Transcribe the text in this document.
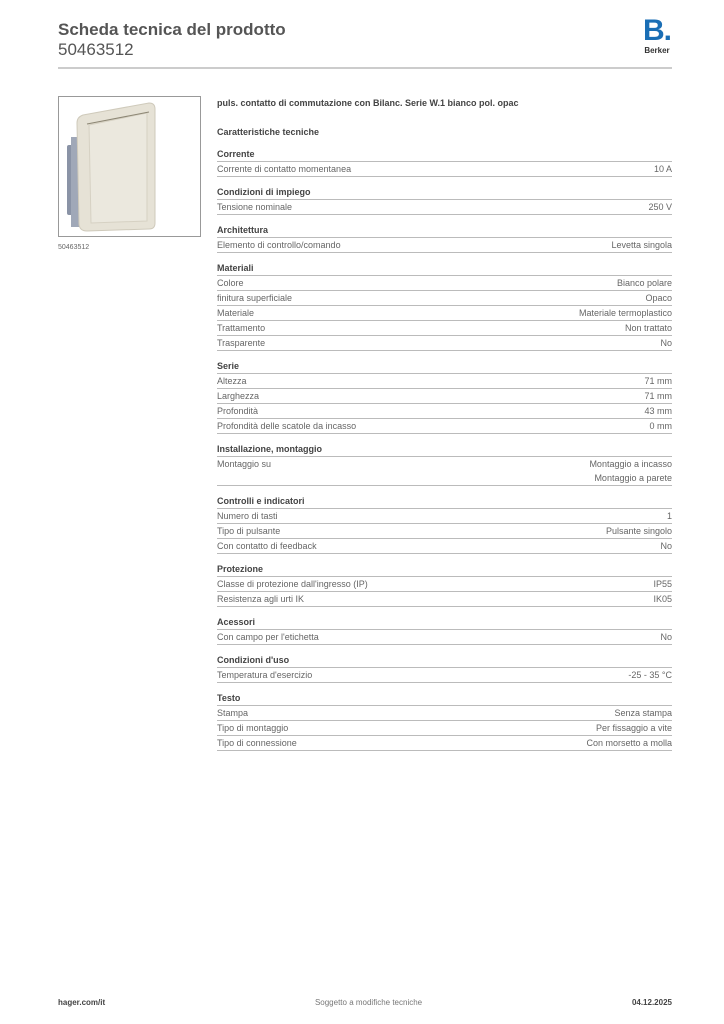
Scheda tecnica del prodotto
50463512
B.
Berker
50463512
puls. contatto di commutazione con Bilanc. Serie W.1 bianco pol. opac
Caratteristiche tecniche
Corrente
Corrente di contatto momentanea	10 A
Condizioni di impiego
Tensione nominale	250 V
Architettura
Elemento di controllo/comando	Levetta singola
Materiali
Colore	Bianco polare
finitura superficiale	Opaco
Materiale	Materiale termoplastico
Trattamento	Non trattato
Trasparente	No
Serie
Altezza	71 mm
Larghezza	71 mm
Profondità	43 mm
Profondità delle scatole da incasso	0 mm
Installazione, montaggio
Montaggio su	Montaggio a incasso
Montaggio a parete
Controlli e indicatori
Numero di tasti	1
Tipo di pulsante	Pulsante singolo
Con contatto di feedback	No
Protezione
Classe di protezione dall'ingresso (IP)	IP55
Resistenza agli urti IK	IK05
Acessori
Con campo per l'etichetta	No
Condizioni d'uso
Temperatura d'esercizio	-25 - 35 °C
Testo
Stampa	Senza stampa
Tipo di montaggio	Per fissaggio a vite
Tipo di connessione	Con morsetto a molla
hager.com/it	Soggetto a modifiche tecniche	04.12.2025
